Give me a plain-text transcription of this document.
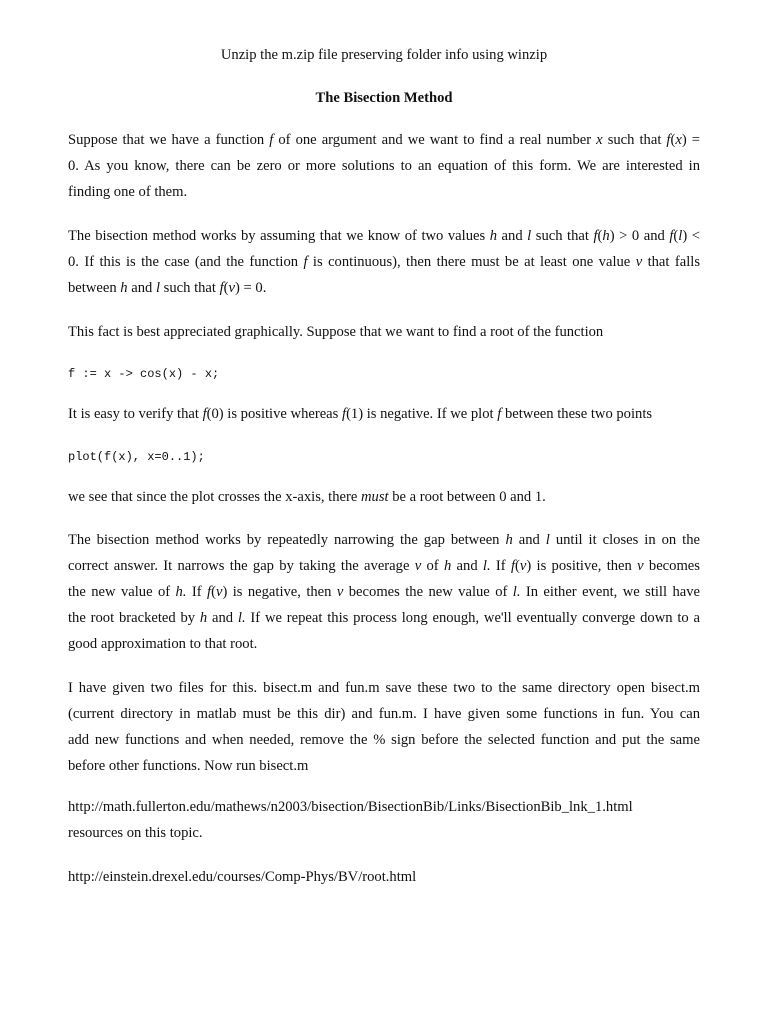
Unzip the m.zip file preserving folder info using winzip
The Bisection Method
Suppose that we have a function f of one argument and we want to find a real number x such that f(x) =
0. As you know, there can be zero or more solutions to an equation of this form. We are interested in
finding one of them.
The bisection method works by assuming that we know of two values h and l such that f(h) > 0 and f(l) <
0. If this is the case (and the function f is continuous), then there must be at least one value v that falls
between h and l such that f(v) = 0.
This fact is best appreciated graphically. Suppose that we want to find a root of the function
f := x -> cos(x) - x;
It is easy to verify that f(0) is positive whereas f(1) is negative. If we plot f between these two points
plot(f(x), x=0..1);
we see that since the plot crosses the x-axis, there must be a root between 0 and 1.
The bisection method works by repeatedly narrowing the gap between h and l until it closes in on the
correct answer. It narrows the gap by taking the average v of h and l. If f(v) is positive, then v becomes
the new value of h. If f(v) is negative, then v becomes the new value of l. In either event, we still have
the root bracketed by h and l. If we repeat this process long enough, we'll eventually converge down to a
good approximation to that root.
I have given two files for this. bisect.m and fun.m save these two to the same directory open bisect.m
(current directory in matlab must be this dir) and fun.m. I have given some functions in fun. You can
add new functions and when needed, remove the % sign before the selected function and put the same
before other functions. Now run bisect.m
http://math.fullerton.edu/mathews/n2003/bisection/BisectionBib/Links/BisectionBib_lnk_1.html
resources on this topic.
http://einstein.drexel.edu/courses/Comp-Phys/BV/root.html
